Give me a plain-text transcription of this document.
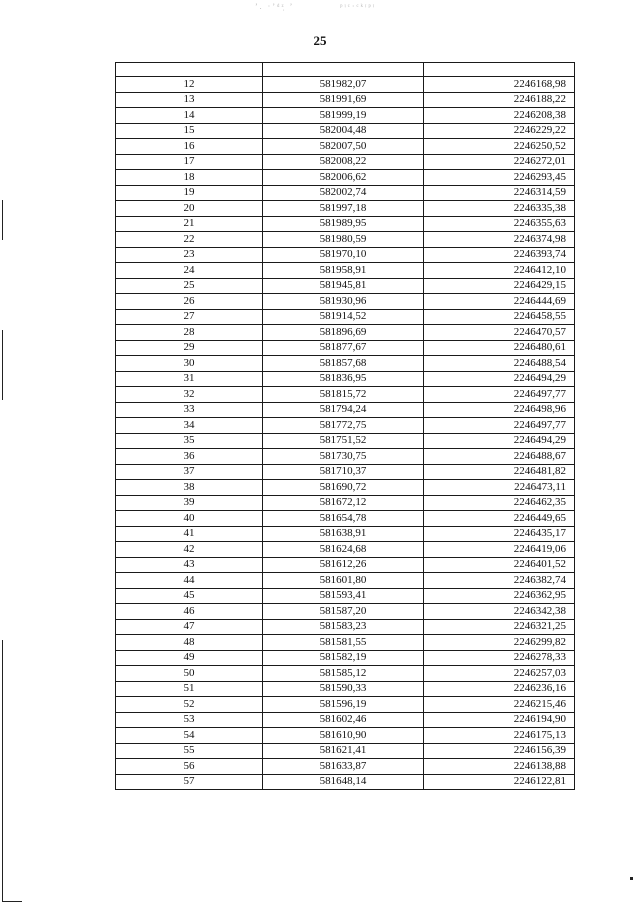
ʼ. ·ʼᵈᶻ̣ ʼ	ᵖᵎᶜ·ᶜᵏᵎᵖᵎ
25

12	581982,07	2246168,98
13	581991,69	2246188,22
14	581999,19	2246208,38
15	582004,48	2246229,22
16	582007,50	2246250,52
17	582008,22	2246272,01
18	582006,62	2246293,45
19	582002,74	2246314,59
20	581997,18	2246335,38
21	581989,95	2246355,63
22	581980,59	2246374,98
23	581970,10	2246393,74
24	581958,91	2246412,10
25	581945,81	2246429,15
26	581930,96	2246444,69
27	581914,52	2246458,55
28	581896,69	2246470,57
29	581877,67	2246480,61
30	581857,68	2246488,54
31	581836,95	2246494,29
32	581815,72	2246497,77
33	581794,24	2246498,96
34	581772,75	2246497,77
35	581751,52	2246494,29
36	581730,75	2246488,67
37	581710,37	2246481,82
38	581690,72	2246473,11
39	581672,12	2246462,35
40	581654,78	2246449,65
41	581638,91	2246435,17
42	581624,68	2246419,06
43	581612,26	2246401,52
44	581601,80	2246382,74
45	581593,41	2246362,95
46	581587,20	2246342,38
47	581583,23	2246321,25
48	581581,55	2246299,82
49	581582,19	2246278,33
50	581585,12	2246257,03
51	581590,33	2246236,16
52	581596,19	2246215,46
53	581602,46	2246194,90
54	581610,90	2246175,13
55	581621,41	2246156,39
56	581633,87	2246138,88
57	581648,14	2246122,81
